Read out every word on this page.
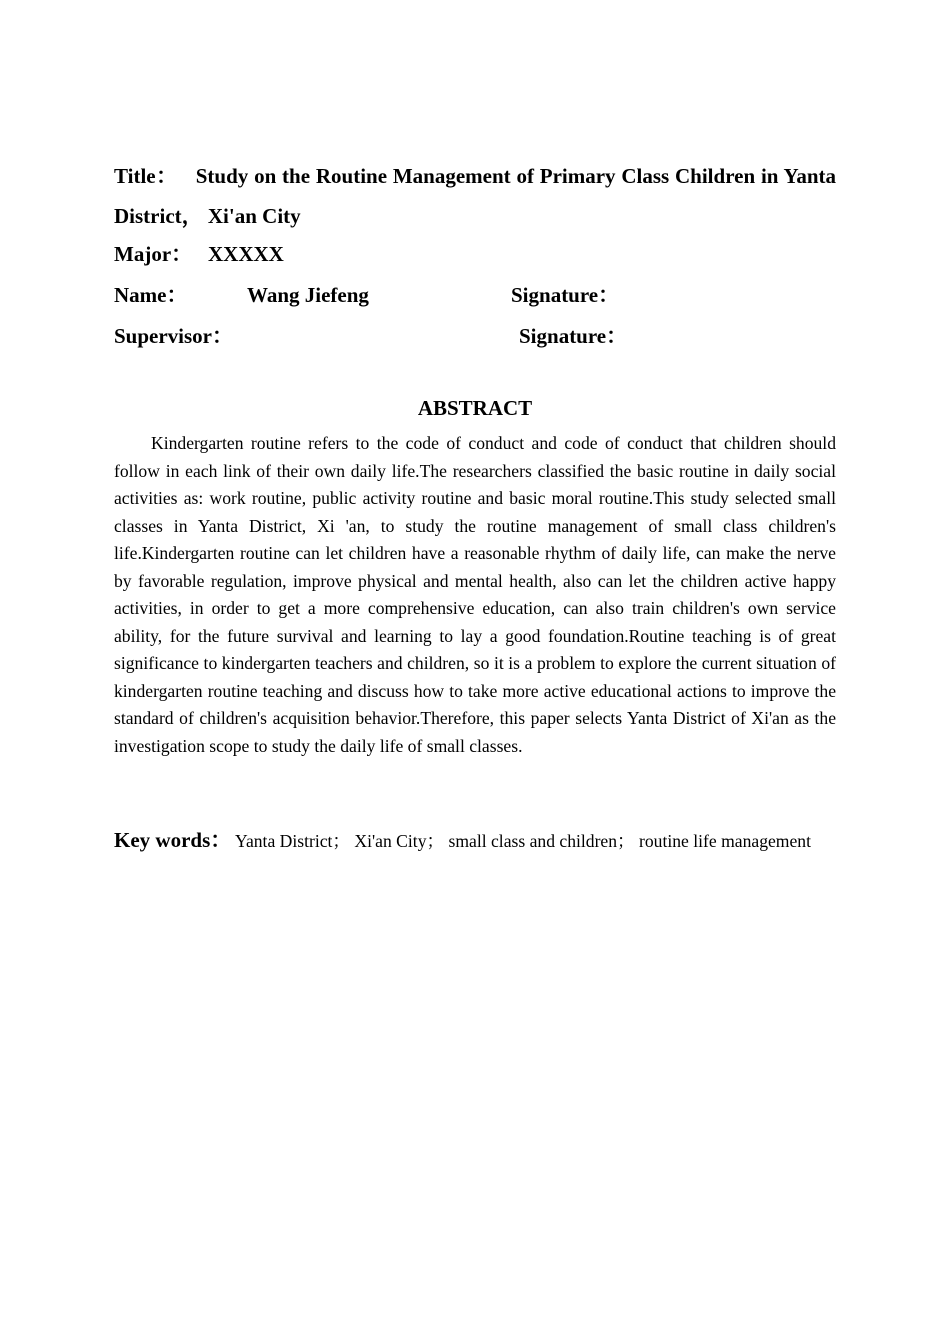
Title： Study on the Routine Management of Primary Class Children in Yanta District， Xi'an City
Major： XXXXX
Name：	Wang Jiefeng	Signature：
Supervisor：	Signature：
ABSTRACT
Kindergarten routine refers to the code of conduct and code of conduct that children should follow in each link of their own daily life.The researchers classified the basic routine in daily social activities as: work routine, public activity routine and basic moral routine.This study selected small classes in Yanta District, Xi 'an, to study the routine management of small class children's life.Kindergarten routine can let children have a reasonable rhythm of daily life, can make the nerve by favorable regulation, improve physical and mental health, also can let the children active happy activities, in order to get a more comprehensive education, can also train children's own service ability, for the future survival and learning to lay a good foundation.Routine teaching is of great significance to kindergarten teachers and children, so it is a problem to explore the current situation of kindergarten routine teaching and discuss how to take more active educational actions to improve the standard of children's acquisition behavior.Therefore, this paper selects Yanta District of Xi'an as the investigation scope to study the daily life of small classes.
Key words： Yanta District； Xi'an City； small class and children； routine life management
